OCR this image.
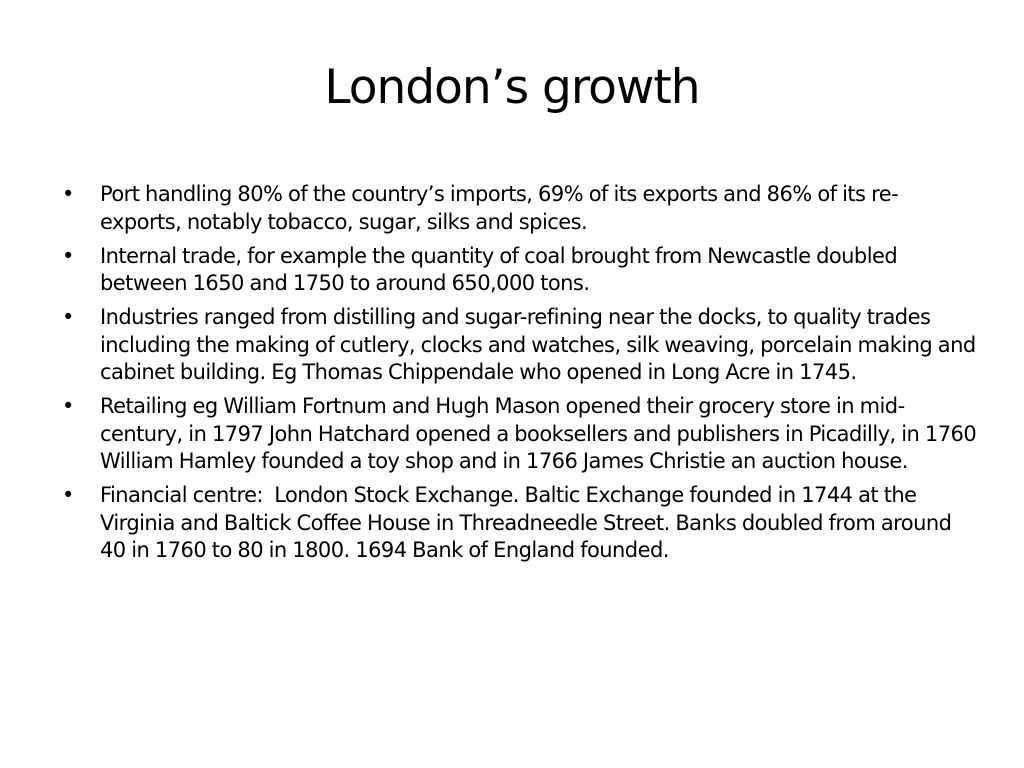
London’s growth
•	Port handling 80% of the country’s imports, 69% of its exports and 86% of its re-exports, notably tobacco, sugar, silks and spices.
•	Internal trade, for example the quantity of coal brought from Newcastle doubled between 1650 and 1750 to around 650,000 tons.
•	Industries ranged from distilling and sugar-refining near the docks, to quality trades including the making of cutlery, clocks and watches, silk weaving, porcelain making and cabinet building. Eg Thomas Chippendale who opened in Long Acre in 1745.
•	Retailing eg William Fortnum and Hugh Mason opened their grocery store in mid-century, in 1797 John Hatchard opened a booksellers and publishers in Picadilly, in 1760 William Hamley founded a toy shop and in 1766 James Christie an auction house.
•	Financial centre:  London Stock Exchange. Baltic Exchange founded in 1744 at the Virginia and Baltick Coffee House in Threadneedle Street. Banks doubled from around 40 in 1760 to 80 in 1800. 1694 Bank of England founded.
